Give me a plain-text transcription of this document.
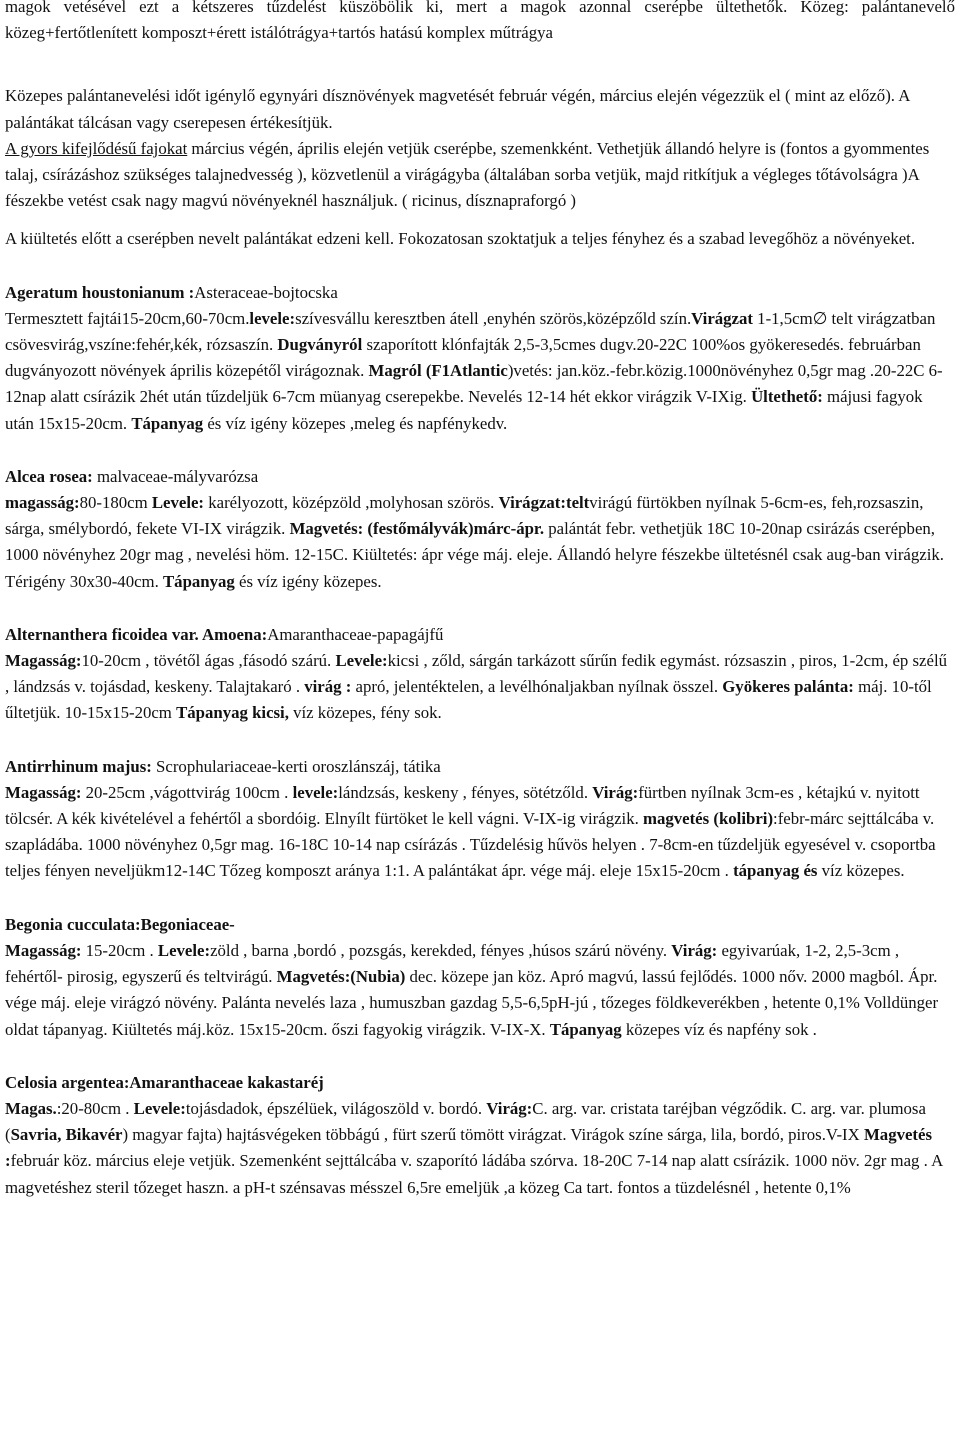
magok vetésével ezt a kétszeres tűzdelést küszöbölik ki, mert a magok azonnal cserépbe ültethetők. Közeg: palántanevelő közeg+fertőtlenített komposzt+érett istálótrágya+tartós hatású komplex műtrágya

Közepes palántanevelési időt igénylő egynyári dísznövények magvetését február végén, március elején végezzük el ( mint az előző). A palántákat tálcásan vagy cserepesen értékesítjük.

A gyors kifejlődésű fajokat március végén, április elején vetjük cserépbe, szemenkként. Vethetjük állandó helyre is (fontos a gyommentes talaj, csírázáshoz szükséges talajnedvesség ), közvetlenül a virágágyba (általában sorba vetjük, majd ritkítjuk a végleges tőtávolságra )A fészekbe vetést csak nagy magvú növényeknél használjuk. ( ricinus, dísznapraforgó )

A kiültetés előtt a cserépben nevelt palántákat edzeni kell. Fokozatosan szoktatjuk a teljes fényhez és a szabad levegőhöz a növényeket.

Ageratum houstonianum :Asteraceae-bojtocska

Termesztett fajtái15-20cm,60-70cm.levele:szívesvállu keresztben átell ,enyhén szörös,középzőld szín.Virágzat 1-1,5cm∅ telt virágzatban csövesvirág,vszíne:fehér,kék, rózsaszín. Dugványról szaporított klónfajták 2,5-3,5cmes dugv.20-22C 100%os gyökeresedés. februárban dugványozott növények április közepétől virágoznak. Magról (F1Atlantic)vetés: jan.köz.-febr.közig.1000növényhez 0,5gr mag .20-22C 6-12nap alatt csírázik 2hét után tűzdeljük 6-7cm müanyag cserepekbe. Nevelés 12-14 hét ekkor virágzik V-IXig. Ültethető: májusi fagyok után 15x15-20cm. Tápanyag és víz igény közepes ,meleg és napfénykedv.

Alcea rosea: malvaceae-mályvarózsa

magasság:80-180cm Levele: karélyozott, középzöld ,molyhosan szörös. Virágzat:teltvirágú fürtökben nyílnak 5-6cm-es, feh,rozsaszin, sárga, smélybordó, fekete VI-IX virágzik. Magvetés: (festőmályvák)márc-ápr. palántát febr. vethetjük 18C 10-20nap csirázás cserépben, 1000 növényhez 20gr mag , nevelési höm. 12-15C. Kiültetés: ápr vége máj. eleje. Állandó helyre fészekbe ültetésnél csak aug-ban virágzik. Térigény 30x30-40cm. Tápanyag és víz igény közepes.

Alternanthera ficoidea var. Amoena:Amaranthaceae-papagájfű

Magasság:10-20cm , tövétől ágas ,fásodó szárú. Levele:kicsi , zőld, sárgán tarkázott sűrűn fedik egymást. rózsaszin , piros, 1-2cm, ép szélű , lándzsás v. tojásdad, keskeny. Talajtakaró . virág : apró, jelentéktelen, a levélhónaljakban nyílnak összel. Gyökeres palánta: máj. 10-től űltetjük. 10-15x15-20cm Tápanyag kicsi, víz közepes, fény sok.

Antirrhinum majus: Scrophulariaceae-kerti oroszlánszáj, tátika

Magasság: 20-25cm ,vágottvirág 100cm . levele:lándzsás, keskeny , fényes, sötétzőld. Virág:fürtben nyílnak 3cm-es , kétajkú v. nyitott tölcsér. A kék kivételével a fehértől a sbordóig. Elnyílt fürtöket le kell vágni. V-IX-ig virágzik. magvetés (kolibri):febr-márc sejttálcába v. szapládába. 1000 növényhez 0,5gr mag. 16-18C 10-14 nap csírázás . Tűzdelésig hűvös helyen . 7-8cm-en tűzdeljük egyesével v. csoportba teljes fényen neveljükm12-14C Tőzeg komposzt aránya 1:1. A palántákat ápr. vége máj. eleje 15x15-20cm . tápanyag és víz közepes.

Begonia cucculata:Begoniaceae-

Magasság: 15-20cm . Levele:zöld , barna ,bordó , pozsgás, kerekded, fényes ,húsos szárú növény. Virág: egyivarúak, 1-2, 2,5-3cm , fehértől- pirosig, egyszerű és teltvirágú. Magvetés:(Nubia) dec. közepe jan köz. Apró magvú, lassú fejlődés. 1000 nőv. 2000 magból. Ápr. vége máj. eleje virágzó növény. Palánta nevelés laza , humuszban gazdag 5,5-6,5pH-jú , tőzeges földkeverékben , hetente 0,1% Volldünger oldat tápanyag. Kiültetés máj.köz. 15x15-20cm. őszi fagyokig virágzik. V-IX-X. Tápanyag közepes víz és napfény sok .

Celosia argentea:Amaranthaceae kakastaréj

Magas.:20-80cm . Levele:tojásdadok, épszélüek, világoszöld v. bordó. Virág:C. arg. var. cristata taréjban végződik. C. arg. var. plumosa (Savria, Bikavér) magyar fajta) hajtásvégeken többágú , fürt szerű tömött virágzat. Virágok színe sárga, lila, bordó, piros.V-IX Magvetés :február köz. március eleje vetjük. Szemenként sejttálcába v. szaporító ládába szórva. 18-20C 7-14 nap alatt csírázik. 1000 növ. 2gr mag . A magvetéshez steril tőzeget haszn. a pH-t szénsavas mésszel 6,5re emeljük ,a közeg Ca tart. fontos a tüzdelésnél , hetente 0,1%
